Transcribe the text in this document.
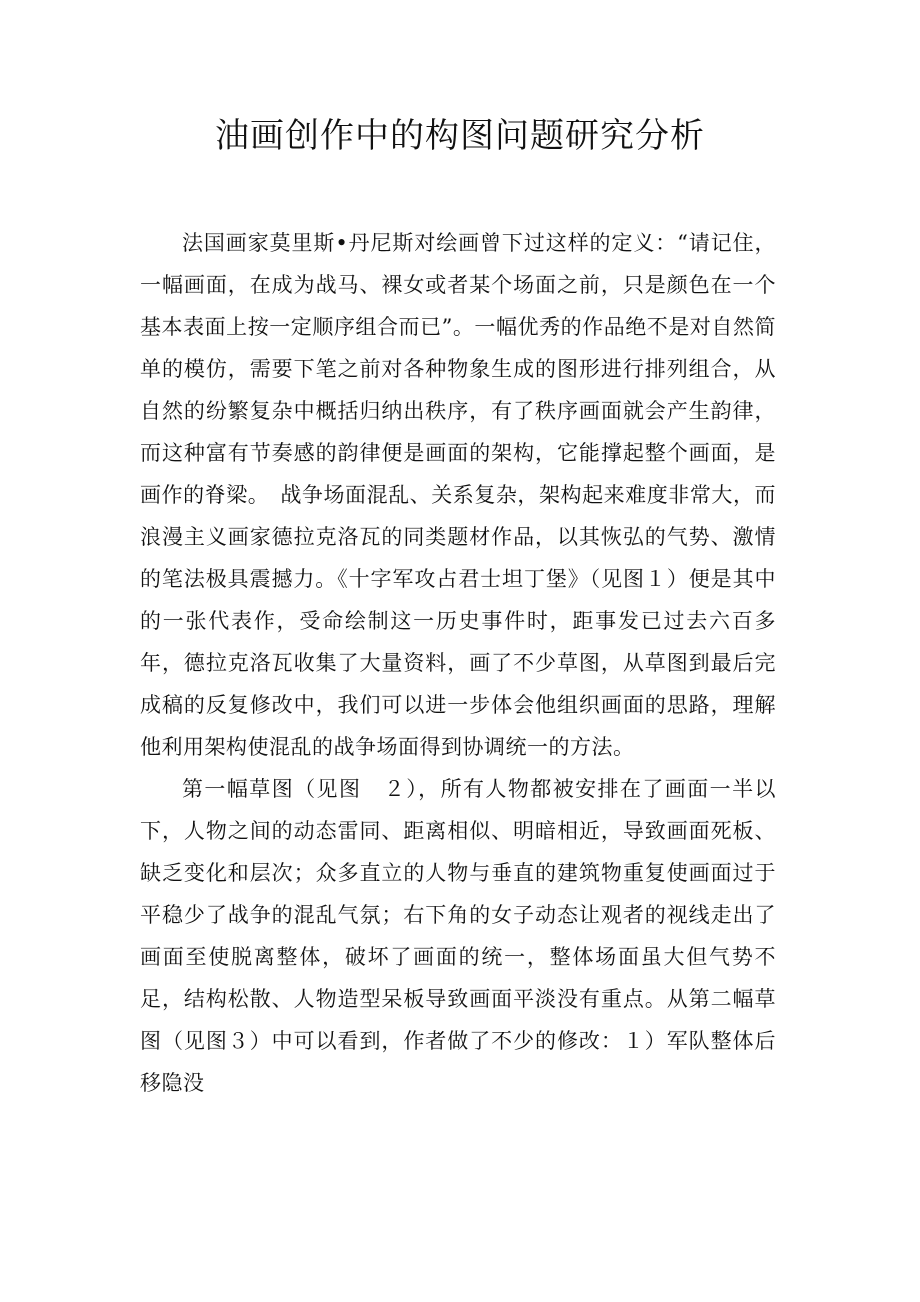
油画创作中的构图问题研究分析

法国画家莫里斯•丹尼斯对绘画曾下过这样的定义：“请记住，一幅画面，在成为战马、裸女或者某个场面之前，只是颜色在一个基本表面上按一定顺序组合而已”。一幅优秀的作品绝不是对自然简单的模仿，需要下笔之前对各种物象生成的图形进行排列组合，从自然的纷繁复杂中概括归纳出秩序，有了秩序画面就会产生韵律，而这种富有节奏感的韵律便是画面的架构，它能撑起整个画面，是画作的脊梁。　战争场面混乱、关系复杂，架构起来难度非常大，而浪漫主义画家德拉克洛瓦的同类题材作品，以其恢弘的气势、激情的笔法极具震撼力。《十字军攻占君士坦丁堡》（见图１）便是其中的一张代表作，受命绘制这一历史事件时，距事发已过去六百多年，德拉克洛瓦收集了大量资料，画了不少草图，从草图到最后完成稿的反复修改中，我们可以进一步体会他组织画面的思路，理解他利用架构使混乱的战争场面得到协调统一的方法。

第一幅草图（见图　２），所有人物都被安排在了画面一半以下，人物之间的动态雷同、距离相似、明暗相近，导致画面死板、缺乏变化和层次；众多直立的人物与垂直的建筑物重复使画面过于平稳少了战争的混乱气氛；右下角的女子动态让观者的视线走出了画面至使脱离整体，破坏了画面的统一，整体场面虽大但气势不足，结构松散、人物造型呆板导致画面平淡没有重点。从第二幅草图（见图３）中可以看到，作者做了不少的修改：１）军队整体后移隐没
